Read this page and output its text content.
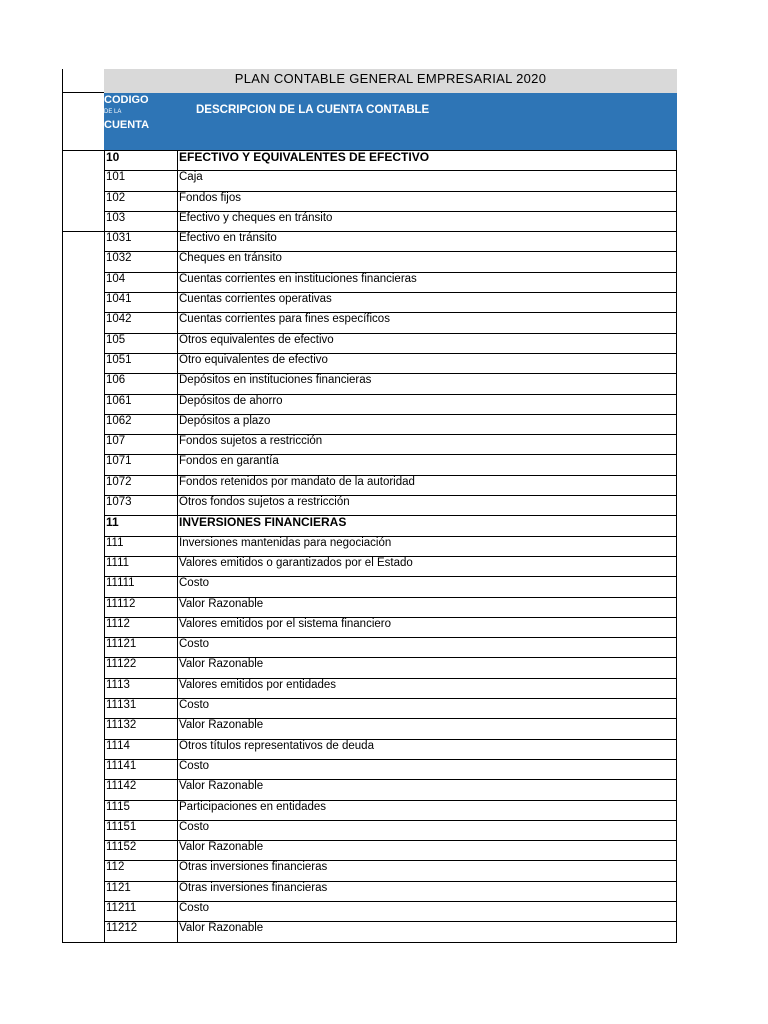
PLAN CONTABLE GENERAL EMPRESARIAL 2020
CODIGO
DE LA
CUENTA
DESCRIPCION DE LA CUENTA CONTABLE
10	EFECTIVO Y EQUIVALENTES DE EFECTIVO
101	Caja
102	Fondos fijos
103	Efectivo y cheques en tránsito
1031	Efectivo en tránsito
1032	Cheques en tránsito
104	Cuentas corrientes en instituciones financieras
1041	Cuentas corrientes operativas
1042	Cuentas corrientes para fines específicos
105	Otros equivalentes de efectivo
1051	Otro equivalentes de efectivo
106	Depósitos en instituciones financieras
1061	Depósitos de ahorro
1062	Depósitos a plazo
107	Fondos sujetos a restricción
1071	Fondos en garantía
1072	Fondos retenidos por mandato de la autoridad
1073	Otros fondos sujetos a restricción
11	INVERSIONES FINANCIERAS
111	Inversiones mantenidas para negociación
1111	Valores emitidos o garantizados por el Estado
11111	Costo
11112	Valor Razonable
1112	Valores emitidos por el sistema financiero
11121	Costo
11122	Valor Razonable
1113	Valores emitidos por entidades
11131	Costo
11132	Valor Razonable
1114	Otros títulos representativos de deuda
11141	Costo
11142	Valor Razonable
1115	Participaciones en entidades
11151	Costo
11152	Valor Razonable
112	Otras inversiones financieras
1121	Otras inversiones financieras
11211	Costo
11212	Valor Razonable
